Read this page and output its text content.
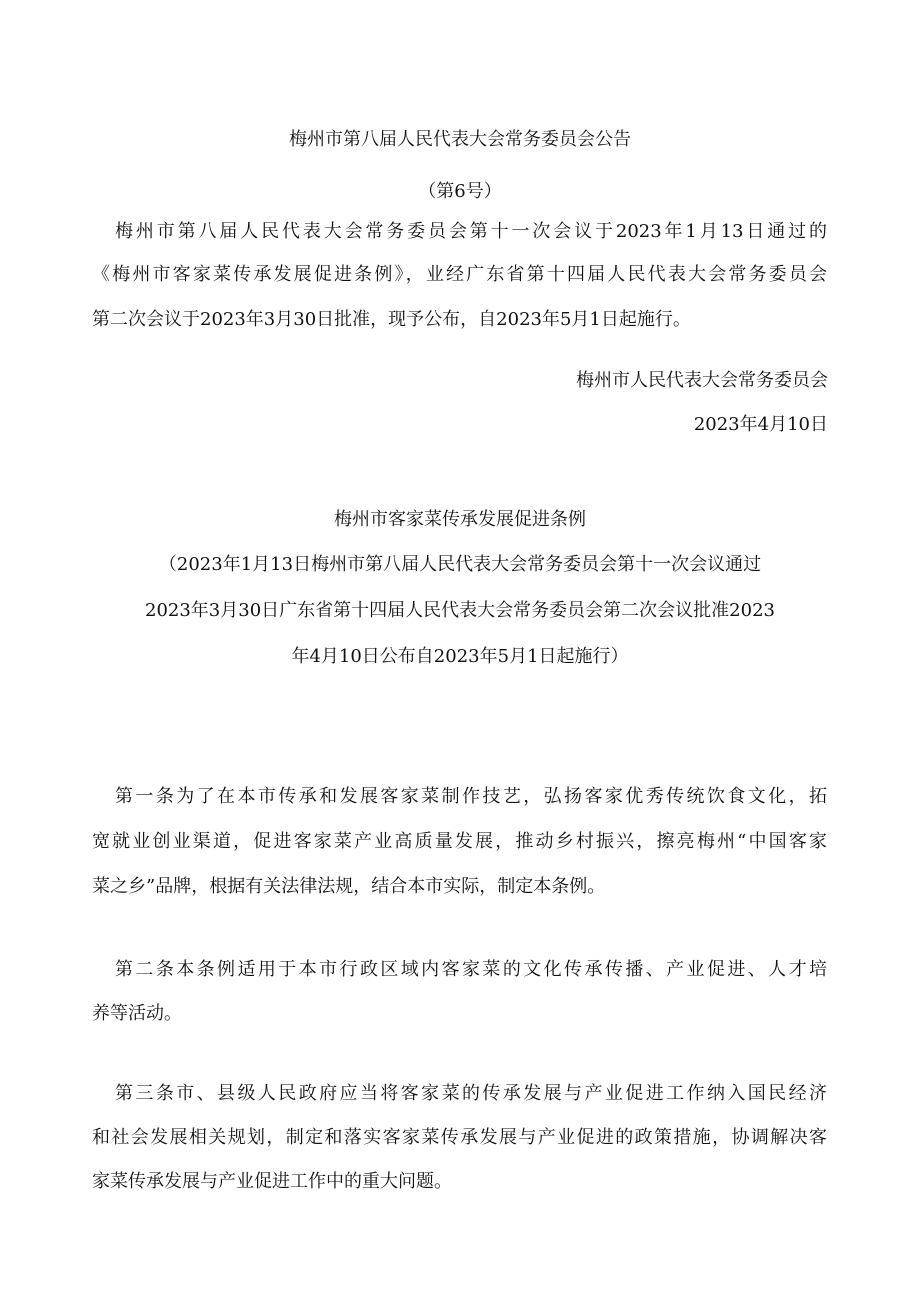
梅州市第八届人民代表大会常务委员会公告
（第6号）
梅州市第八届人民代表大会常务委员会第十一次会议于2023年1月13日通过的
《梅州市客家菜传承发展促进条例》，业经广东省第十四届人民代表大会常务委员会
第二次会议于2023年3月30日批准，现予公布，自2023年5月1日起施行。
梅州市人民代表大会常务委员会
2023年4月10日
梅州市客家菜传承发展促进条例
（2023年1月13日梅州市第八届人民代表大会常务委员会第十一次会议通过
2023年3月30日广东省第十四届人民代表大会常务委员会第二次会议批准2023
年4月10日公布自2023年5月1日起施行）
第一条为了在本市传承和发展客家菜制作技艺，弘扬客家优秀传统饮食文化，拓
宽就业创业渠道，促进客家菜产业高质量发展，推动乡村振兴，擦亮梅州“中国客家
菜之乡”品牌，根据有关法律法规，结合本市实际，制定本条例。
第二条本条例适用于本市行政区域内客家菜的文化传承传播、产业促进、人才培
养等活动。
第三条市、县级人民政府应当将客家菜的传承发展与产业促进工作纳入国民经济
和社会发展相关规划，制定和落实客家菜传承发展与产业促进的政策措施，协调解决客
家菜传承发展与产业促进工作中的重大问题。
